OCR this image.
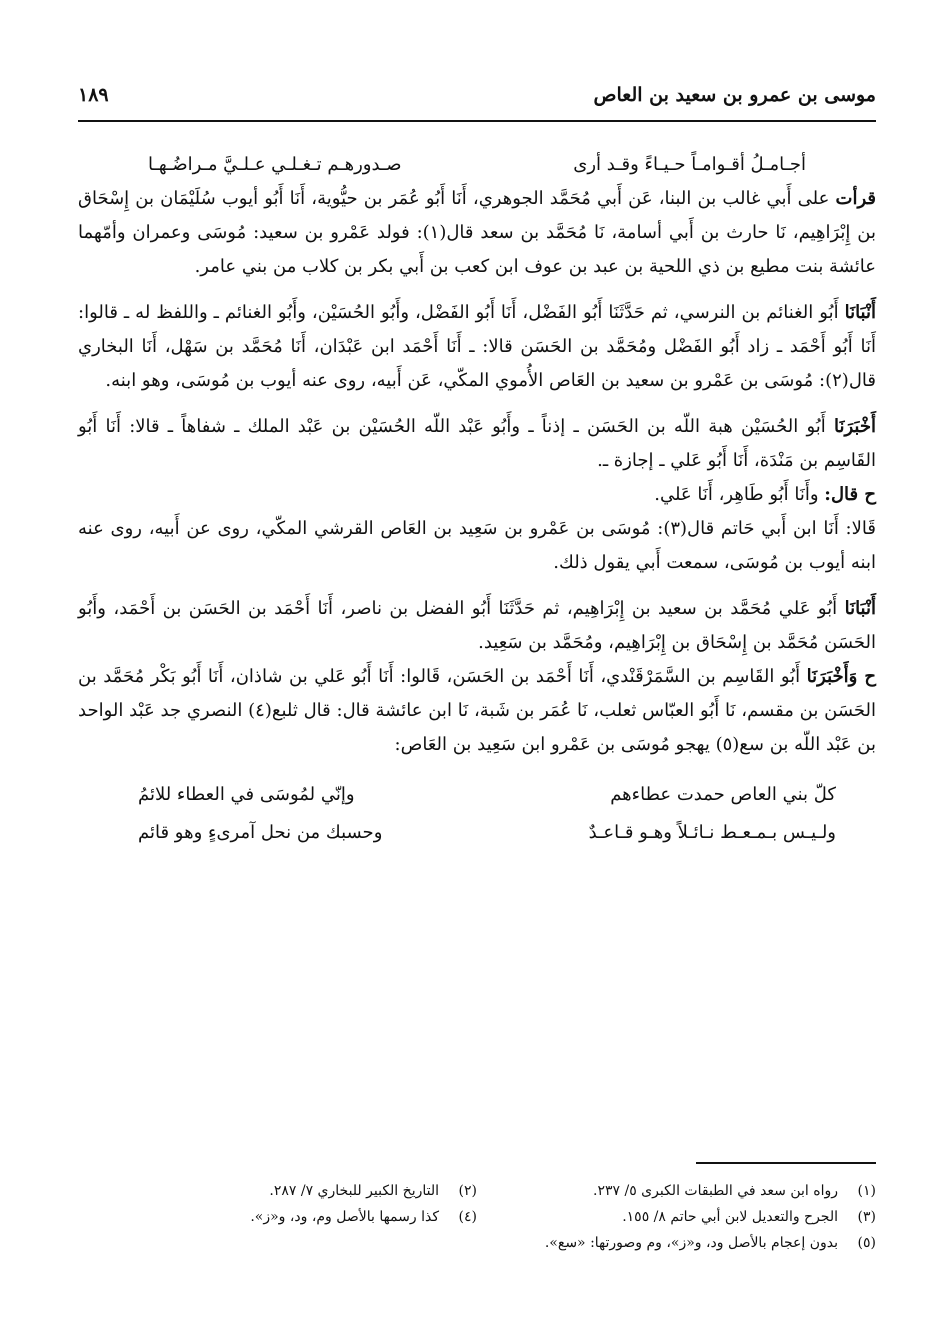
موسى بن عمرو بن سعيد بن العاص
١٨٩
أجـامـلُ أقـوامـاً حـيـاءً وقـد أرى
صـدورهـم تـغـلـي عـلـيَّ مـراضُـهـا

قرأت على أَبي غالب بن البنا، عَن أَبي مُحَمَّد الجوهري، أَنَا أَبُو عُمَر بن حيُّوية، أَنَا أَبُو أيوب سُلَيْمَان بن إِسْحَاق بن إِبْرَاهِيم، نَا حارث بن أَبي أسامة، نَا مُحَمَّد بن سعد قال(١): فولد عَمْرو بن سعيد: مُوسَى وعمران وأمّهما عائشة بنت مطيع بن ذي اللحية بن عبد بن عوف ابن كعب بن أَبي بكر بن كلاب من بني عامر.

أَنْبَانَا أَبُو الغنائم بن النرسي، ثم حَدَّثَنَا أَبُو الفَضْل، أَنَا أَبُو الفَضْل، وأَبُو الحُسَيْن، وأَبُو الغنائم ـ واللفظ له ـ قالوا: أَنَا أَبُو أَحْمَد ـ زاد أَبُو الفَضْل ومُحَمَّد بن الحَسَن قالا: ـ أَنَا أَحْمَد ابن عَبْدَان، أَنَا مُحَمَّد بن سَهْل، أَنَا البخاري قال(٢): مُوسَى بن عَمْرو بن سعيد بن العَاص الأُموي المكّي، عَن أَبيه، روى عنه أيوب بن مُوسَى، وهو ابنه.

أَخْبَرَنَا أَبُو الحُسَيْن هبة اللّه بن الحَسَن ـ إذناً ـ وأَبُو عَبْد اللّه الحُسَيْن بن عَبْد الملك ـ شفاهاً ـ قالا: أَنَا أَبُو القَاسِم بن مَنْدَة، أَنَا أَبُو عَلي ـ إجازة ـ.

ح قال: وأَنَا أَبُو طَاهِر، أَنَا عَلي.

قَالا: أَنَا ابن أَبي حَاتم قال(٣): مُوسَى بن عَمْرو بن سَعِيد بن العَاص القرشي المكّي، روى عن أَبيه، روى عنه ابنه أيوب بن مُوسَى، سمعت أَبي يقول ذلك.

أَنْبَانَا أَبُو عَلي مُحَمَّد بن سعيد بن إِبْرَاهِيم، ثم حَدَّثَنَا أَبُو الفضل بن ناصر، أَنَا أَحْمَد بن الحَسَن بن أَحْمَد، وأَبُو الحَسَن مُحَمَّد بن إِسْحَاق بن إِبْرَاهِيم، ومُحَمَّد بن سَعِيد.

ح وَأَخْبَرَنَا أَبُو القَاسِم بن السَّمَرْقَنْدي، أَنَا أَحْمَد بن الحَسَن، قَالوا: أَنَا أَبُو عَلي بن شاذان، أَنَا أَبُو بَكْر مُحَمَّد بن الحَسَن بن مقسم، نَا أَبُو العبّاس ثعلب، نَا عُمَر بن شَبة، نَا ابن عائشة قال: قال ثلبع(٤) النصري جد عَبْد الواحد بن عَبْد اللّه بن سع(٥) يهجو مُوسَى بن عَمْرو ابن سَعِيد بن العَاص:

كلّ بني العاص حمدت عطاءهم
وإنّي لمُوسَى في العطاء للائمُ
ولـيـس بـمـعـط نـائـلاً وهـو قـاعـدٌ
وحسبك من نحل آمرىءٍ وهو قائم
(١)رواه ابن سعد في الطبقات الكبرى ٥/ ٢٣٧.
(٢)التاريخ الكبير للبخاري ٧/ ٢٨٧.
(٣)الجرح والتعديل لابن أبي حاتم ٨/ ١٥٥.
(٤)كذا رسمها بالأصل وم، ود، و«ز».
(٥)بدون إعجام بالأصل ود، و«ز»، وم وصورتها: «سع».
